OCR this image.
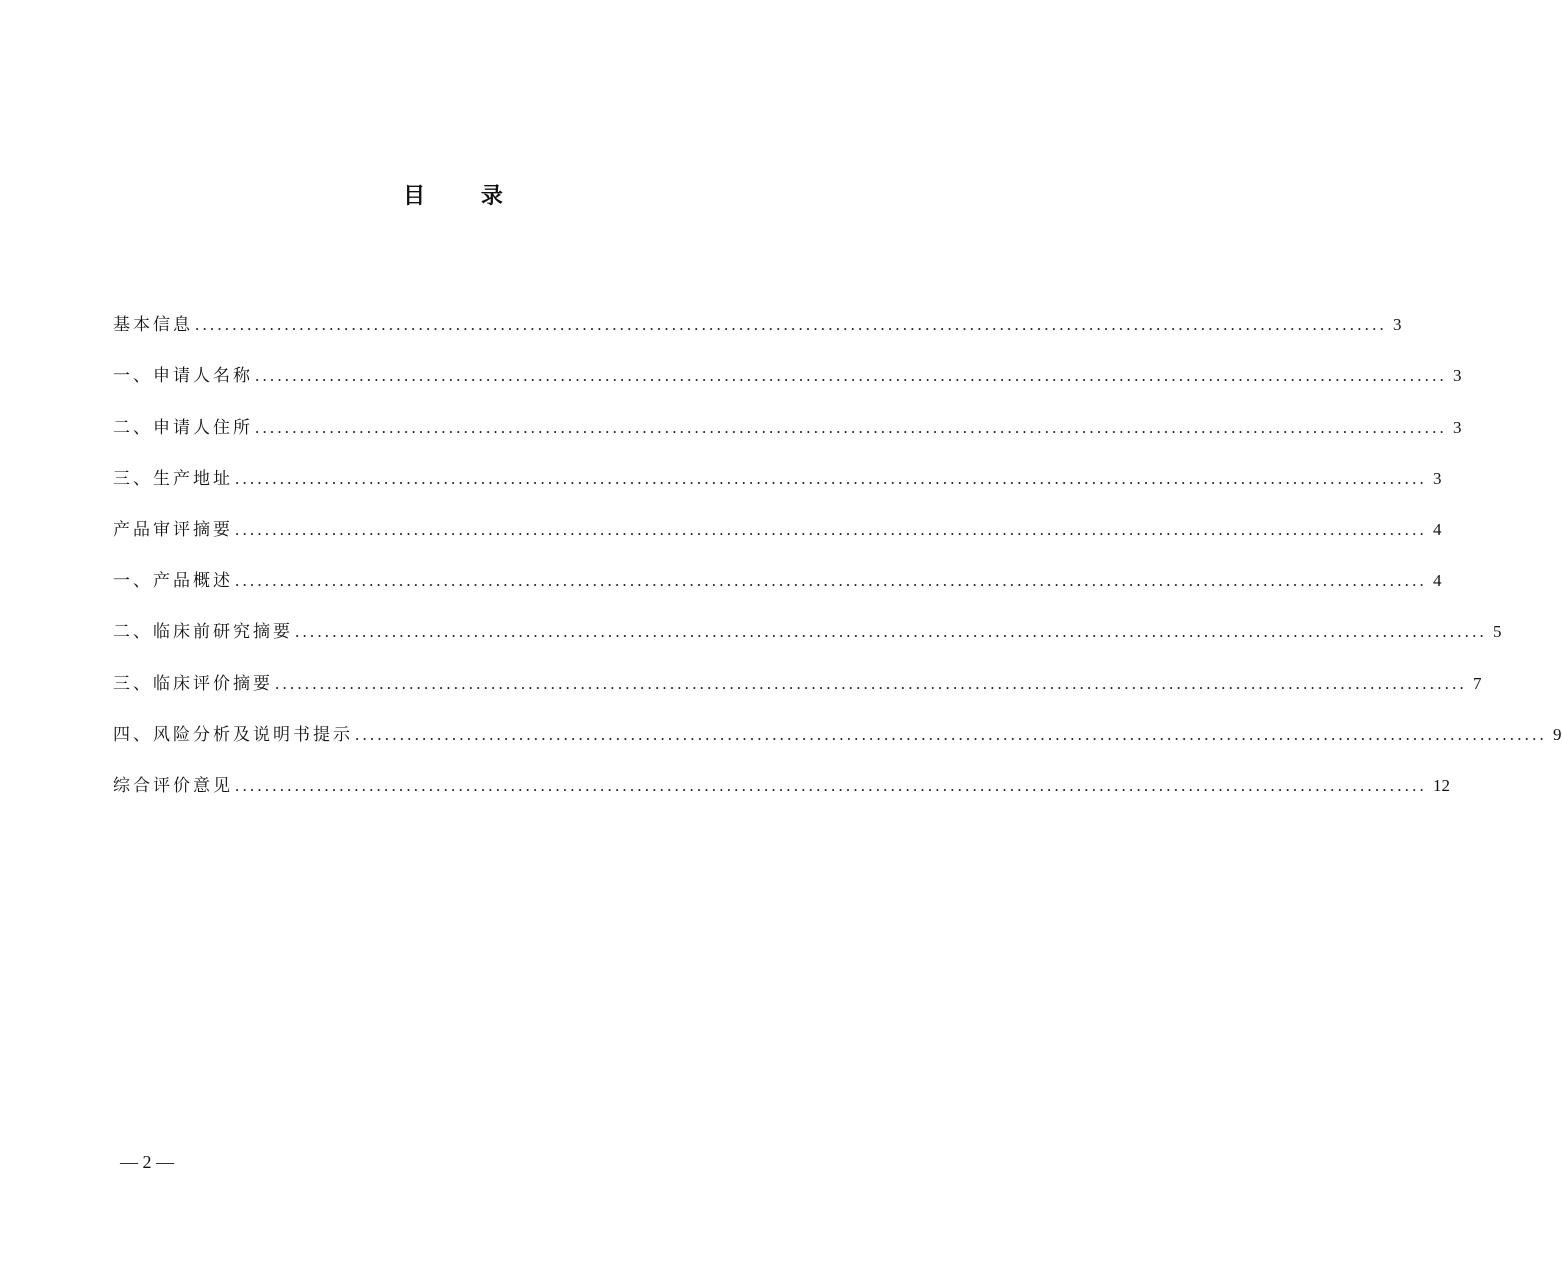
目 录
基本信息 ................................................................................................................................................................ 3
一、申请人名称 ................................................................................................................................................................ 3
二、申请人住所 ................................................................................................................................................................ 3
三、生产地址 ................................................................................................................................................................ 3
产品审评摘要 ................................................................................................................................................................ 4
一、产品概述 ................................................................................................................................................................ 4
二、临床前研究摘要 ................................................................................................................................................................ 5
三、临床评价摘要 ................................................................................................................................................................ 7
四、风险分析及说明书提示 ................................................................................................................................................................ 9
综合评价意见 ................................................................................................................................................................ 12
— 2 —
